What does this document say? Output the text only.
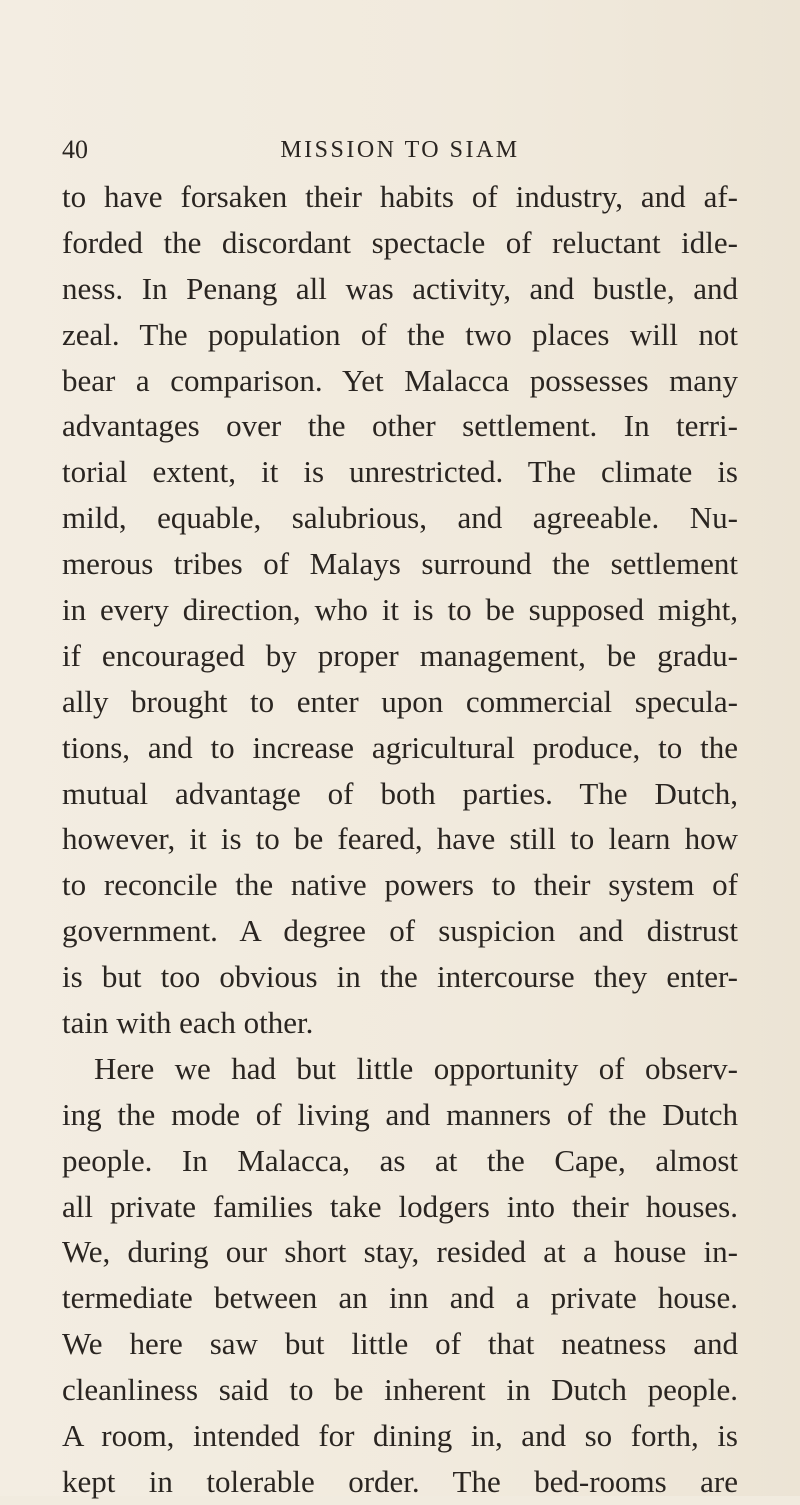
40	MISSION TO SIAM
to have forsaken their habits of industry, and af-
forded the discordant spectacle of reluctant idle-
ness. In Penang all was activity, and bustle, and
zeal. The population of the two places will not
bear a comparison. Yet Malacca possesses many
advantages over the other settlement. In terri-
torial extent, it is unrestricted. The climate is
mild, equable, salubrious, and agreeable. Nu-
merous tribes of Malays surround the settlement
in every direction, who it is to be supposed might,
if encouraged by proper management, be gradu-
ally brought to enter upon commercial specula-
tions, and to increase agricultural produce, to the
mutual advantage of both parties. The Dutch,
however, it is to be feared, have still to learn how
to reconcile the native powers to their system of
government. A degree of suspicion and distrust
is but too obvious in the intercourse they enter-
tain with each other.
Here we had but little opportunity of observ-
ing the mode of living and manners of the Dutch
people. In Malacca, as at the Cape, almost
all private families take lodgers into their houses.
We, during our short stay, resided at a house in-
termediate between an inn and a private house.
We here saw but little of that neatness and
cleanliness said to be inherent in Dutch people.
A room, intended for dining in, and so forth, is
kept in tolerable order. The bed-rooms are
